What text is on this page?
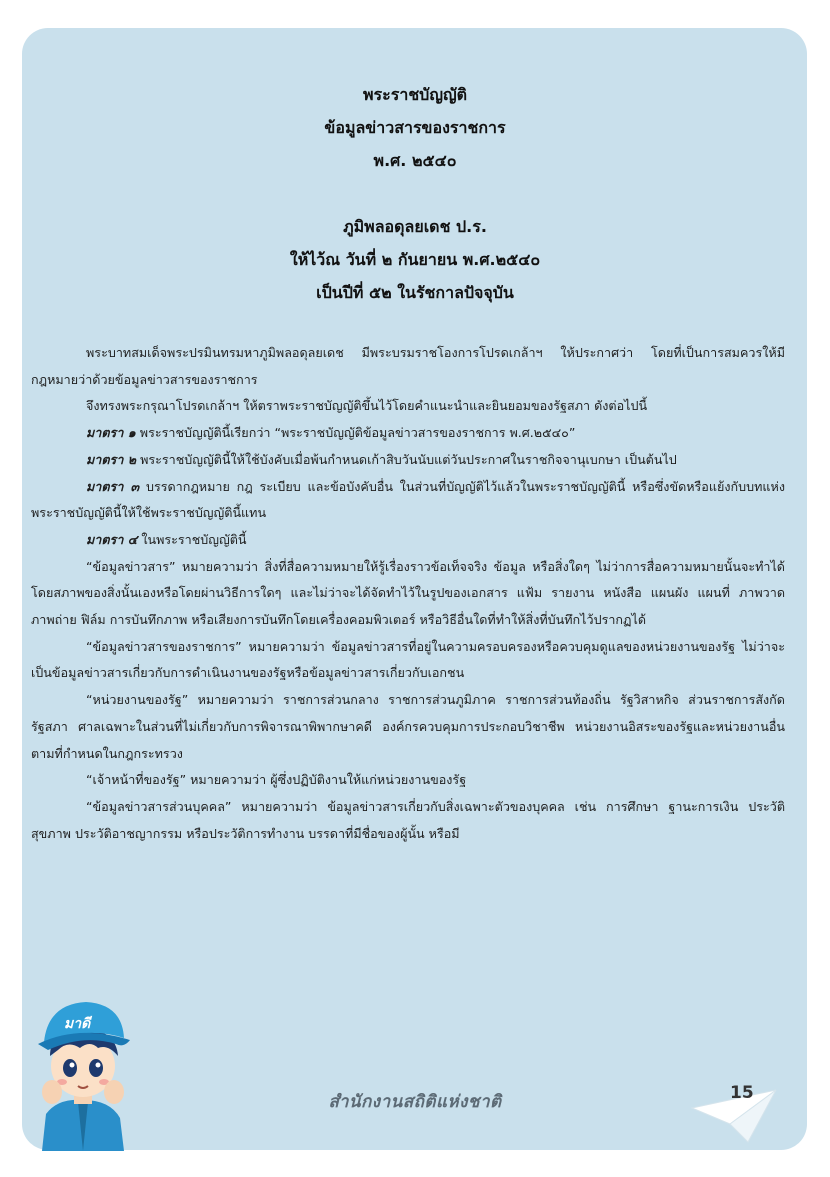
พระราชบัญญัติ
ข้อมูลข่าวสารของราชการ
พ.ศ. ๒๕๔๐
ภูมิพลอดุลยเดช ป.ร.
ให้ไว้ณ วันที่ ๒ กันยายน พ.ศ.๒๕๔๐
เป็นปีที่ ๕๒ ในรัชกาลปัจจุบัน

พระบาทสมเด็จพระปรมินทรมหาภูมิพลอดุลยเดช มีพระบรมราชโองการโปรดเกล้าฯ ให้ประกาศว่า โดยที่เป็นการสมควรให้มีกฎหมายว่าด้วยข้อมูลข่าวสารของราชการ

จึงทรงพระกรุณาโปรดเกล้าฯ ให้ตราพระราชบัญญัติขึ้นไว้โดยคำแนะนำและยินยอมของรัฐสภา ดังต่อไปนี้

มาตรา ๑ พระราชบัญญัตินี้เรียกว่า “พระราชบัญญัติข้อมูลข่าวสารของราชการ พ.ศ.๒๕๔๐”

มาตรา ๒ พระราชบัญญัตินี้ให้ใช้บังคับเมื่อพ้นกำหนดเก้าสิบวันนับแต่วันประกาศในราชกิจจานุเบกษา เป็นต้นไป

มาตรา ๓ บรรดากฎหมาย กฎ ระเบียบ และข้อบังคับอื่น ในส่วนที่บัญญัติไว้แล้วในพระราชบัญญัตินี้ หรือซึ่งขัดหรือแย้งกับบทแห่งพระราชบัญญัตินี้ให้ใช้พระราชบัญญัตินี้แทน

มาตรา ๔ ในพระราชบัญญัตินี้

“ข้อมูลข่าวสาร” หมายความว่า สิ่งที่สื่อความหมายให้รู้เรื่องราวข้อเท็จจริง ข้อมูล หรือสิ่งใดๆ ไม่ว่าการสื่อความหมายนั้นจะทำได้โดยสภาพของสิ่งนั้นเองหรือโดยผ่านวิธีการใดๆ และไม่ว่าจะได้จัดทำไว้ในรูปของเอกสาร แฟ้ม รายงาน หนังสือ แผนผัง แผนที่ ภาพวาด ภาพถ่าย ฟิล์ม การบันทึกภาพ หรือเสียงการบันทึกโดยเครื่องคอมพิวเตอร์ หรือวิธีอื่นใดที่ทำให้สิ่งที่บันทึกไว้ปรากฏได้

“ข้อมูลข่าวสารของราชการ” หมายความว่า ข้อมูลข่าวสารที่อยู่ในความครอบครองหรือควบคุมดูแลของหน่วยงานของรัฐ ไม่ว่าจะเป็นข้อมูลข่าวสารเกี่ยวกับการดำเนินงานของรัฐหรือข้อมูลข่าวสารเกี่ยวกับเอกชน

“หน่วยงานของรัฐ” หมายความว่า ราชการส่วนกลาง ราชการส่วนภูมิภาค ราชการส่วนท้องถิ่น รัฐวิสาหกิจ ส่วนราชการสังกัดรัฐสภา ศาลเฉพาะในส่วนที่ไม่เกี่ยวกับการพิจารณาพิพากษาคดี องค์กรควบคุมการประกอบวิชาชีพ หน่วยงานอิสระของรัฐและหน่วยงานอื่นตามที่กำหนดในกฎกระทรวง

“เจ้าหน้าที่ของรัฐ” หมายความว่า ผู้ซึ่งปฏิบัติงานให้แก่หน่วยงานของรัฐ

“ข้อมูลข่าวสารส่วนบุคคล” หมายความว่า ข้อมูลข่าวสารเกี่ยวกับสิ่งเฉพาะตัวของบุคคล เช่น การศึกษา ฐานะการเงิน ประวัติสุขภาพ ประวัติอาชญากรรม หรือประวัติการทำงาน บรรดาที่มีชื่อของผู้นั้น หรือมี

สำนักงานสถิติแห่งชาติ	15
มาดี
